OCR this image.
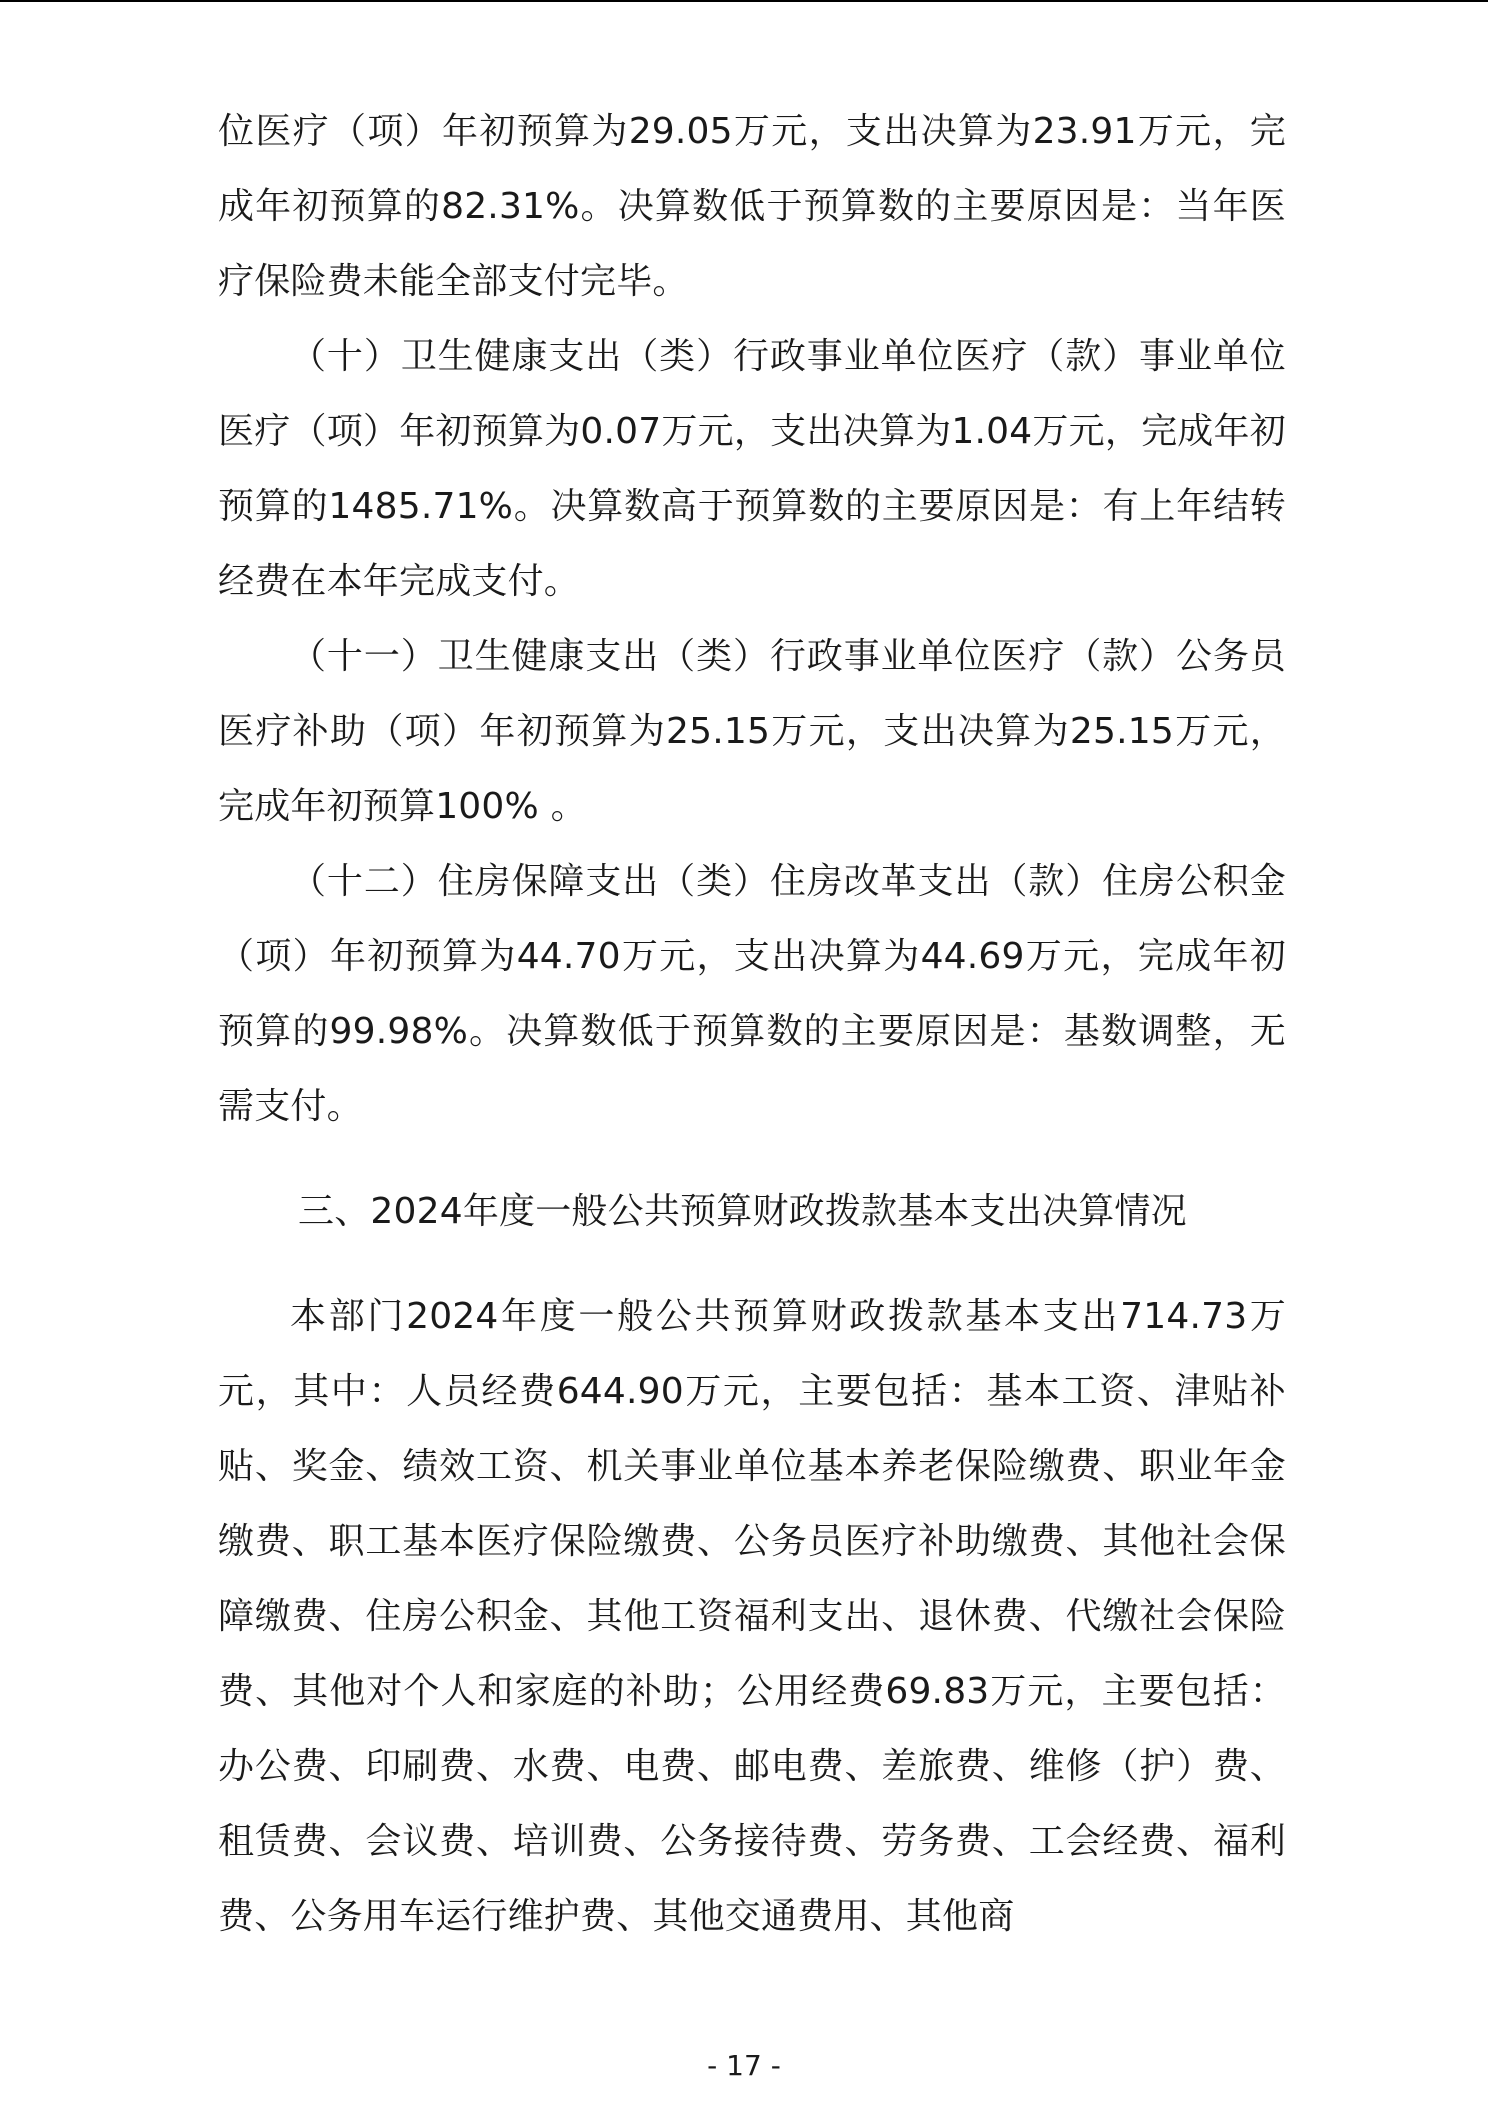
位医疗（项）年初预算为29.05万元，支出决算为23.91万元，完成年初预算的82.31%。决算数低于预算数的主要原因是：当年医疗保险费未能全部支付完毕。

（十）卫生健康支出（类）行政事业单位医疗（款）事业单位医疗（项）年初预算为0.07万元，支出决算为1.04万元，完成年初预算的1485.71%。决算数高于预算数的主要原因是：有上年结转经费在本年完成支付。

（十一）卫生健康支出（类）行政事业单位医疗（款）公务员医疗补助（项）年初预算为25.15万元，支出决算为25.15万元，完成年初预算100% 。

（十二）住房保障支出（类）住房改革支出（款）住房公积金（项）年初预算为44.70万元，支出决算为44.69万元，完成年初预算的99.98%。决算数低于预算数的主要原因是：基数调整，无需支付。

三、2024年度一般公共预算财政拨款基本支出决算情况

本部门2024年度一般公共预算财政拨款基本支出714.73万元，其中：人员经费644.90万元，主要包括：基本工资、津贴补贴、奖金、绩效工资、机关事业单位基本养老保险缴费、职业年金缴费、职工基本医疗保险缴费、公务员医疗补助缴费、其他社会保障缴费、住房公积金、其他工资福利支出、退休费、代缴社会保险费、其他对个人和家庭的补助；公用经费69.83万元，主要包括：办公费、印刷费、水费、电费、邮电费、差旅费、维修（护）费、租赁费、会议费、培训费、公务接待费、劳务费、工会经费、福利费、公务用车运行维护费、其他交通费用、其他商

- 17 -
